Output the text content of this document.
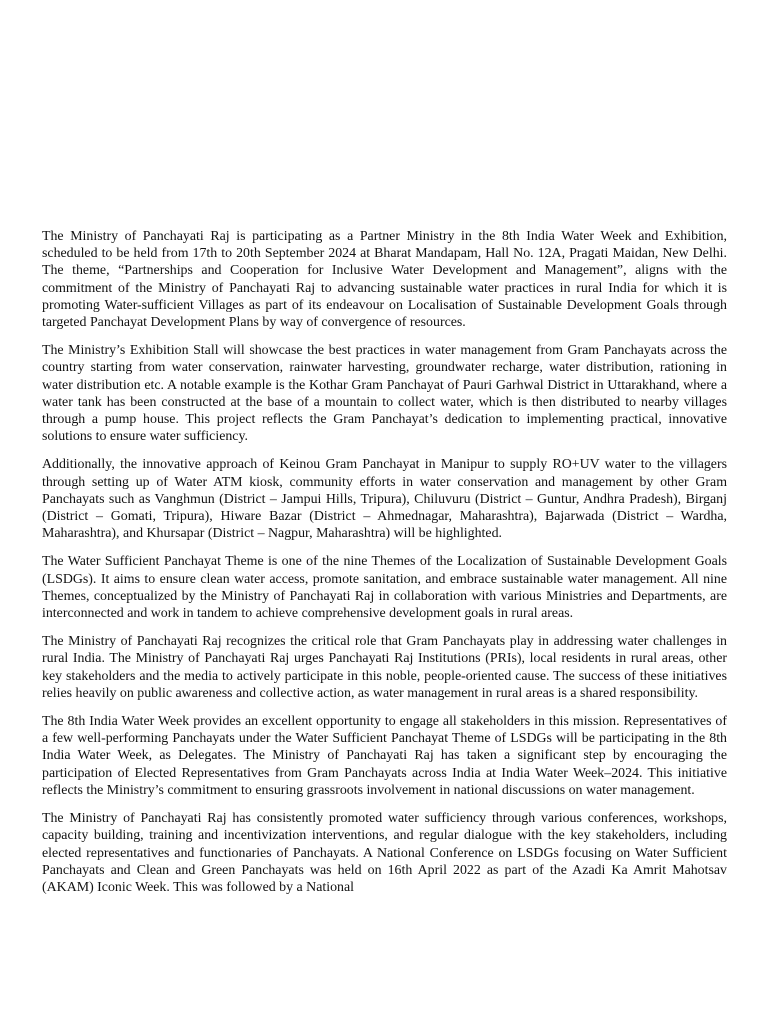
The Ministry of Panchayati Raj is participating as a Partner Ministry in the 8th India Water Week and Exhibition, scheduled to be held from 17th to 20th September 2024 at Bharat Mandapam, Hall No. 12A, Pragati Maidan, New Delhi. The theme, “Partnerships and Cooperation for Inclusive Water Development and Management”, aligns with the commitment of the Ministry of Panchayati Raj to advancing sustainable water practices in rural India for which it is promoting Water-sufficient Villages as part of its endeavour on Localisation of Sustainable Development Goals through targeted Panchayat Development Plans by way of convergence of resources.

The Ministry’s Exhibition Stall will showcase the best practices in water management from Gram Panchayats across the country starting from water conservation, rainwater harvesting, groundwater recharge, water distribution, rationing in water distribution etc. A notable example is the Kothar Gram Panchayat of Pauri Garhwal District in Uttarakhand, where a water tank has been constructed at the base of a mountain to collect water, which is then distributed to nearby villages through a pump house. This project reflects the Gram Panchayat’s dedication to implementing practical, innovative solutions to ensure water sufficiency.

Additionally, the innovative approach of Keinou Gram Panchayat in Manipur to supply RO+UV water to the villagers through setting up of Water ATM kiosk, community efforts in water conservation and management by other Gram Panchayats such as Vanghmun (District – Jampui Hills, Tripura), Chiluvuru (District – Guntur, Andhra Pradesh), Birganj (District – Gomati, Tripura), Hiware Bazar (District – Ahmednagar, Maharashtra), Bajarwada (District – Wardha, Maharashtra), and Khursapar (District – Nagpur, Maharashtra) will be highlighted.

The Water Sufficient Panchayat Theme is one of the nine Themes of the Localization of Sustainable Development Goals (LSDGs). It aims to ensure clean water access, promote sanitation, and embrace sustainable water management. All nine Themes, conceptualized by the Ministry of Panchayati Raj in collaboration with various Ministries and Departments, are interconnected and work in tandem to achieve comprehensive development goals in rural areas.

The Ministry of Panchayati Raj recognizes the critical role that Gram Panchayats play in addressing water challenges in rural India. The Ministry of Panchayati Raj urges Panchayati Raj Institutions (PRIs), local residents in rural areas, other key stakeholders and the media to actively participate in this noble, people-oriented cause. The success of these initiatives relies heavily on public awareness and collective action, as water management in rural areas is a shared responsibility.

The 8th India Water Week provides an excellent opportunity to engage all stakeholders in this mission. Representatives of a few well-performing Panchayats under the Water Sufficient Panchayat Theme of LSDGs will be participating in the 8th India Water Week, as Delegates. The Ministry of Panchayati Raj has taken a significant step by encouraging the participation of Elected Representatives from Gram Panchayats across India at India Water Week–2024. This initiative reflects the Ministry’s commitment to ensuring grassroots involvement in national discussions on water management.

The Ministry of Panchayati Raj has consistently promoted water sufficiency through various conferences, workshops, capacity building, training and incentivization interventions, and regular dialogue with the key stakeholders, including elected representatives and functionaries of Panchayats. A National Conference on LSDGs focusing on Water Sufficient Panchayats and Clean and Green Panchayats was held on 16th April 2022 as part of the Azadi Ka Amrit Mahotsav (AKAM) Iconic Week. This was followed by a National
